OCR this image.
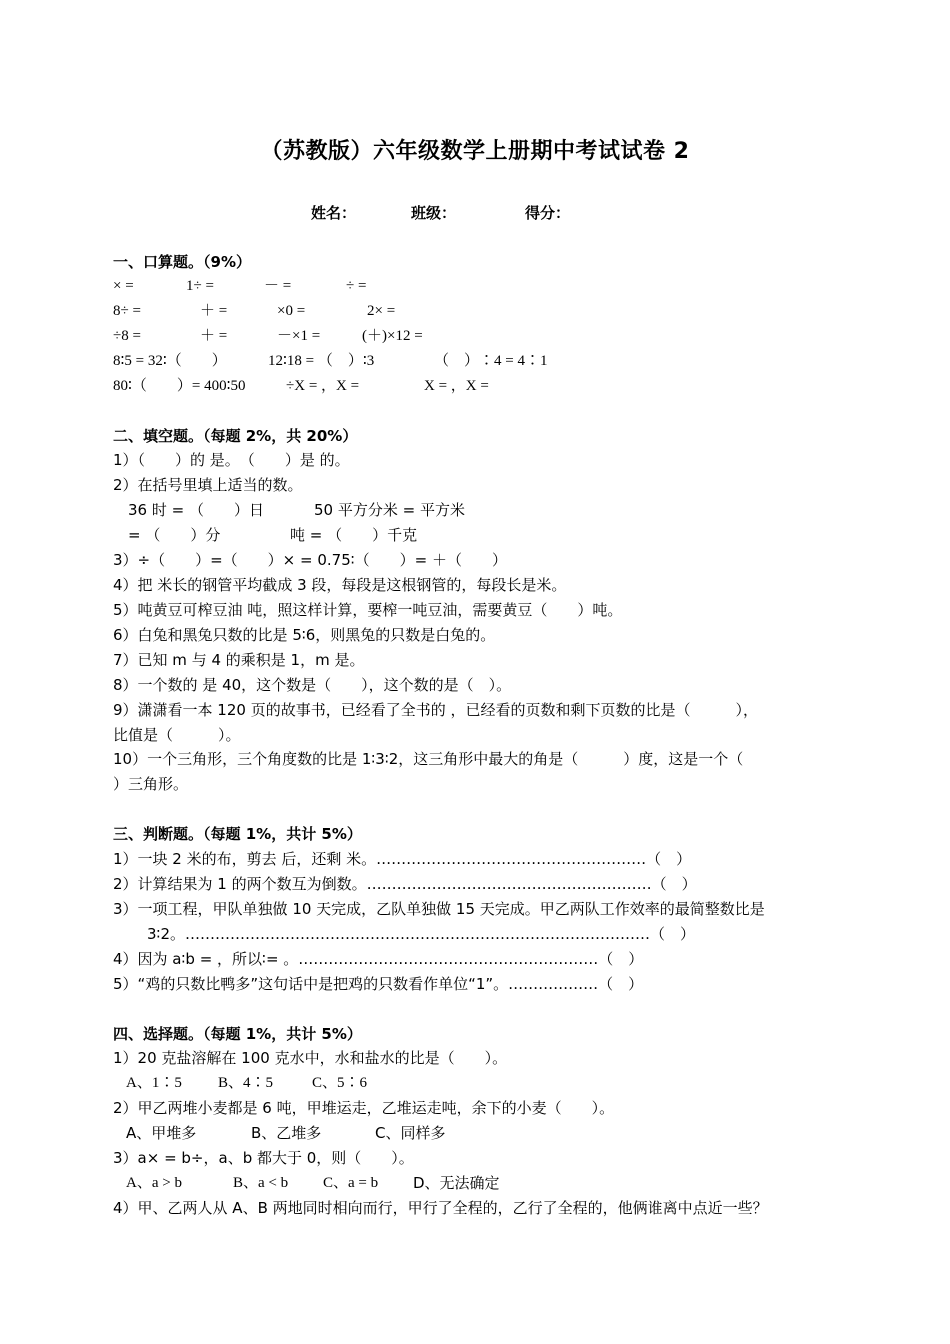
（苏教版）六年级数学上册期中考试试卷 2
姓名：	班级：	得分：
一、口算题。（9%）
× =	1÷ =	－ =	÷ =
8÷ =	＋ =	×0 =	2× =
÷8 =	＋ =	－×1 =	(＋)×12 =
8∶5 = 32∶（　　）	12∶18 = （　）∶3	（　）∶4 = 4∶1
80∶（　　）= 400∶50	÷X = ，X =	X = ，X =
二、填空题。（每题 2%，共 20%）
1）（　　）的 是。　（　　）是 的。
2）在括号里填上适当的数。
　36 时 = （　　）日	50 平方分米 = 平方米
　= （　　）分	吨 = （　　）千克
3）÷（　　）=（　　）× = 0.75∶（　　）= ＋（　　）
4）把 米长的钢管平均截成 3 段，每段是这根钢管的，每段长是米。
5）吨黄豆可榨豆油 吨，照这样计算，要榨一吨豆油，需要黄豆（　　）吨。
6）白兔和黑兔只数的比是 5∶6，则黑兔的只数是白兔的。
7）已知 m 与 4 的乘积是 1，m 是。
8）一个数的 是 40，这个数是（　　），这个数的是（　）。
9）潇潇看一本 120 页的故事书，已经看了全书的 ，已经看的页数和剩下页数的比是（　　　），
比值是（　　　）。
10）一个三角形，三个角度数的比是 1∶3∶2，这三角形中最大的角是（　　　）度，这是一个（
）三角形。
三、判断题。（每题 1%，共计 5%）
1）一块 2 米的布，剪去 后，还剩 米。………………………………………………（　）
2）计算结果为 1 的两个数互为倒数。…………………………………………………（　）
3）一项工程，甲队单独做 10 天完成，乙队单独做 15 天完成。甲乙两队工作效率的最简整数比是
3∶2。…………………………………………………………………………………（　）
4）因为 a∶b = ，所以∶= 。……………………………………………………（　）
5）“鸡的只数比鸭多”这句话中是把鸡的只数看作单位“1”。………………（　）
四、选择题。（每题 1%，共计 5%）
1）20 克盐溶解在 100 克水中，水和盐水的比是（　　）。
A、1∶5 B、4∶5	C、5∶6
2）甲乙两堆小麦都是 6 吨，甲堆运走，乙堆运走吨，余下的小麦（　　）。
A、甲堆多	B、乙堆多	C、同样多
3）a× = b÷，a、b 都大于 0，则（　　）。
A、a > b	B、a < b C、a = b D、无法确定
4）甲、乙两人从 A、B 两地同时相向而行，甲行了全程的，乙行了全程的，他俩谁离中点近一些？
